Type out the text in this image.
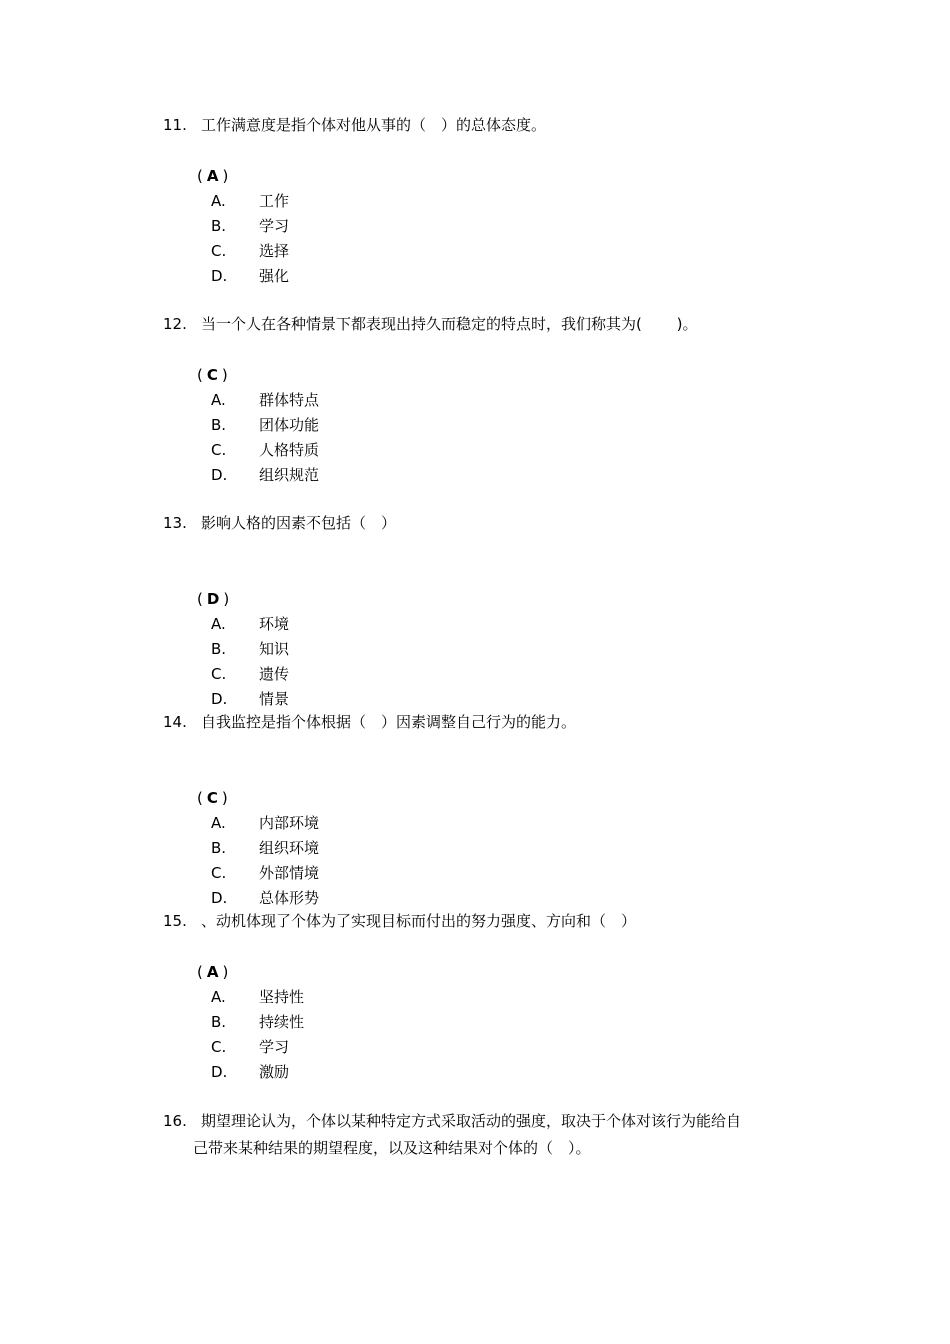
11. 工作满意度是指个体对他从事的（　）的总体态度。
( A )
A. 工作
B. 学习
C. 选择
D. 强化
12. 当一个人在各种情景下都表现出持久而稳定的特点时，我们称其为(　　 )。
( C )
A. 群体特点
B. 团体功能
C. 人格特质
D. 组织规范
13. 影响人格的因素不包括（　）
( D )
A. 环境
B. 知识
C. 遗传
D. 情景
14. 自我监控是指个体根据（　）因素调整自己行为的能力。
( C )
A. 内部环境
B. 组织环境
C. 外部情境
D. 总体形势
15. 、动机体现了个体为了实现目标而付出的努力强度、方向和（　）
( A )
A. 坚持性
B. 持续性
C. 学习
D. 激励
16. 期望理论认为，个体以某种特定方式采取活动的强度，取决于个体对该行为能给自
己带来某种结果的期望程度，以及这种结果对个体的（　）。
